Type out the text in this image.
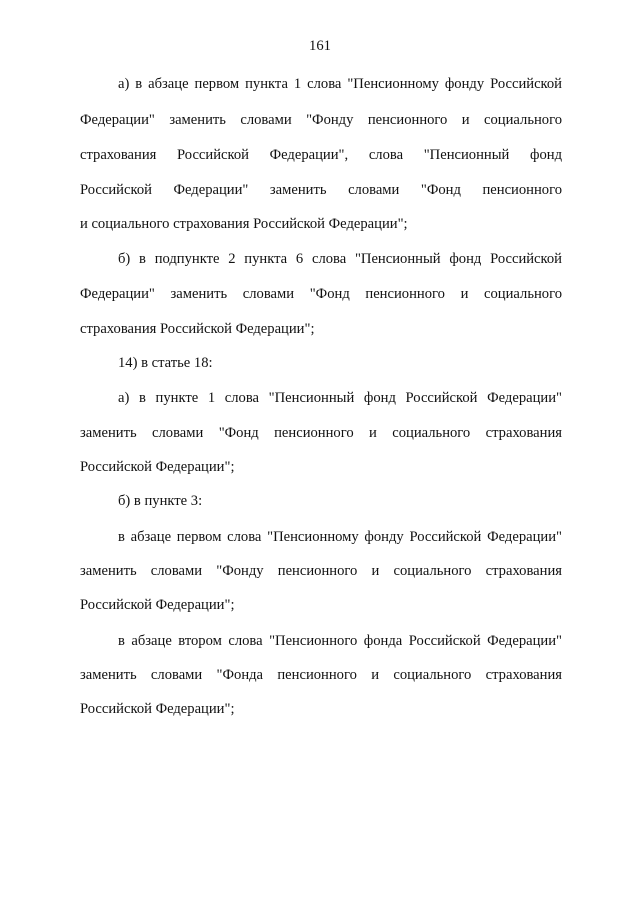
161
а) в абзаце первом пункта 1 слова "Пенсионному фонду Российской
Федерации" заменить словами "Фонду пенсионного и социального
страхования Российской Федерации", слова "Пенсионный фонд
Российской Федерации" заменить словами "Фонд пенсионного
и социального страхования Российской Федерации";
б) в подпункте 2 пункта 6 слова "Пенсионный фонд Российской
Федерации" заменить словами "Фонд пенсионного и социального
страхования Российской Федерации";
14) в статье 18:
а) в пункте 1 слова "Пенсионный фонд Российской Федерации"
заменить словами "Фонд пенсионного и социального страхования
Российской Федерации";
б) в пункте 3:
в абзаце первом слова "Пенсионному фонду Российской Федерации"
заменить словами "Фонду пенсионного и социального страхования
Российской Федерации";
в абзаце втором слова "Пенсионного фонда Российской Федерации"
заменить словами "Фонда пенсионного и социального страхования
Российской Федерации";
